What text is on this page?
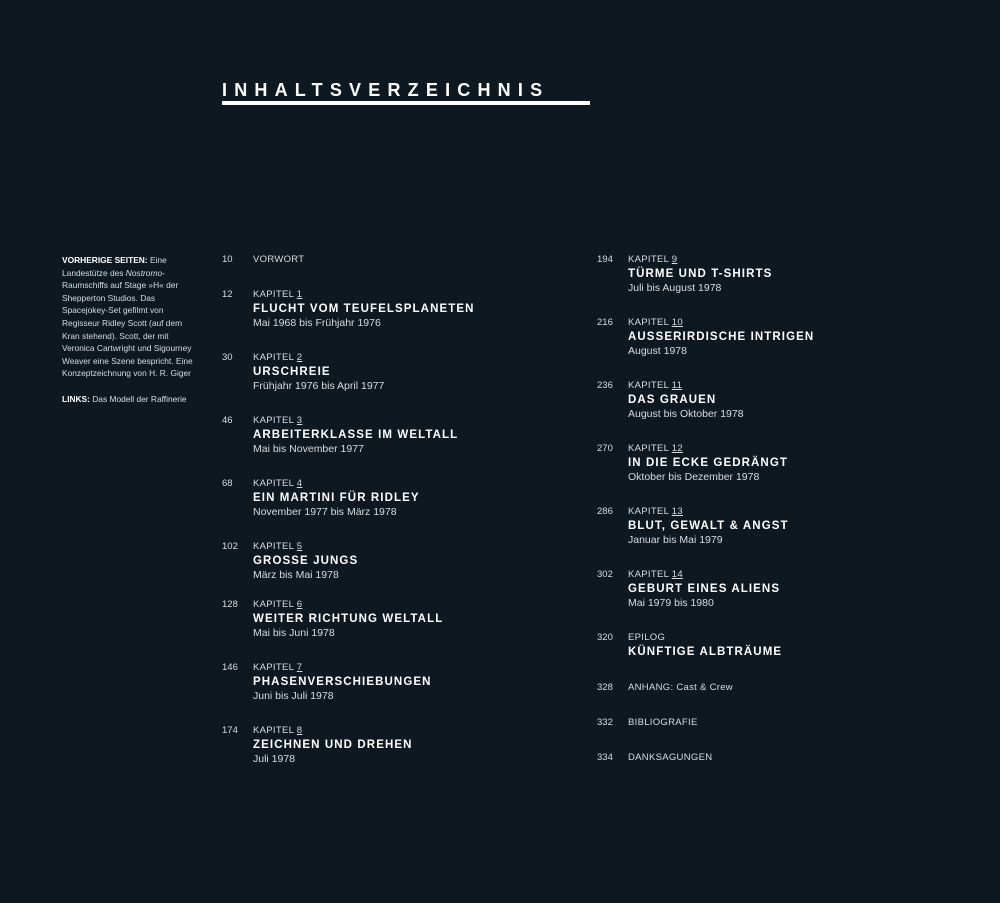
INHALTSVERZEICHNIS

VORHERIGE SEITEN: Eine Landestütze des Nostromo-Raumschiffs auf Stage »H« der Shepperton Studios. Das Spacejokey-Set gefilmt von Regisseur Ridley Scott (auf dem Kran stehend). Scott, der mit Veronica Cartwright und Sigourney Weaver eine Szene bespricht. Eine Konzeptzeichnung von H. R. Giger

LINKS: Das Modell der Raffinerie

10	VORWORT
12	KAPITEL 1
FLUCHT VOM TEUFELSPLANETEN
Mai 1968 bis Frühjahr 1976
30	KAPITEL 2
URSCHREIE
Frühjahr 1976 bis April 1977
46	KAPITEL 3
ARBEITERKLASSE IM WELTALL
Mai bis November 1977
68	KAPITEL 4
EIN MARTINI FÜR RIDLEY
November 1977 bis März 1978
102	KAPITEL 5
GROSSE JUNGS
März bis Mai 1978
128	KAPITEL 6
WEITER RICHTUNG WELTALL
Mai bis Juni 1978
146	KAPITEL 7
PHASENVERSCHIEBUNGEN
Juni bis Juli 1978
174	KAPITEL 8
ZEICHNEN UND DREHEN
Juli 1978
194	KAPITEL 9
TÜRME UND T-SHIRTS
Juli bis August 1978
216	KAPITEL 10
AUSSERIRDISCHE INTRIGEN
August 1978
236	KAPITEL 11
DAS GRAUEN
August bis Oktober 1978
270	KAPITEL 12
IN DIE ECKE GEDRÄNGT
Oktober bis Dezember 1978
286	KAPITEL 13
BLUT, GEWALT & ANGST
Januar bis Mai 1979
302	KAPITEL 14
GEBURT EINES ALIENS
Mai 1979 bis 1980
320	EPILOG
KÜNFTIGE ALBTRÄUME
328	ANHANG: Cast & Crew
332	BIBLIOGRAFIE
334	DANKSAGUNGEN
